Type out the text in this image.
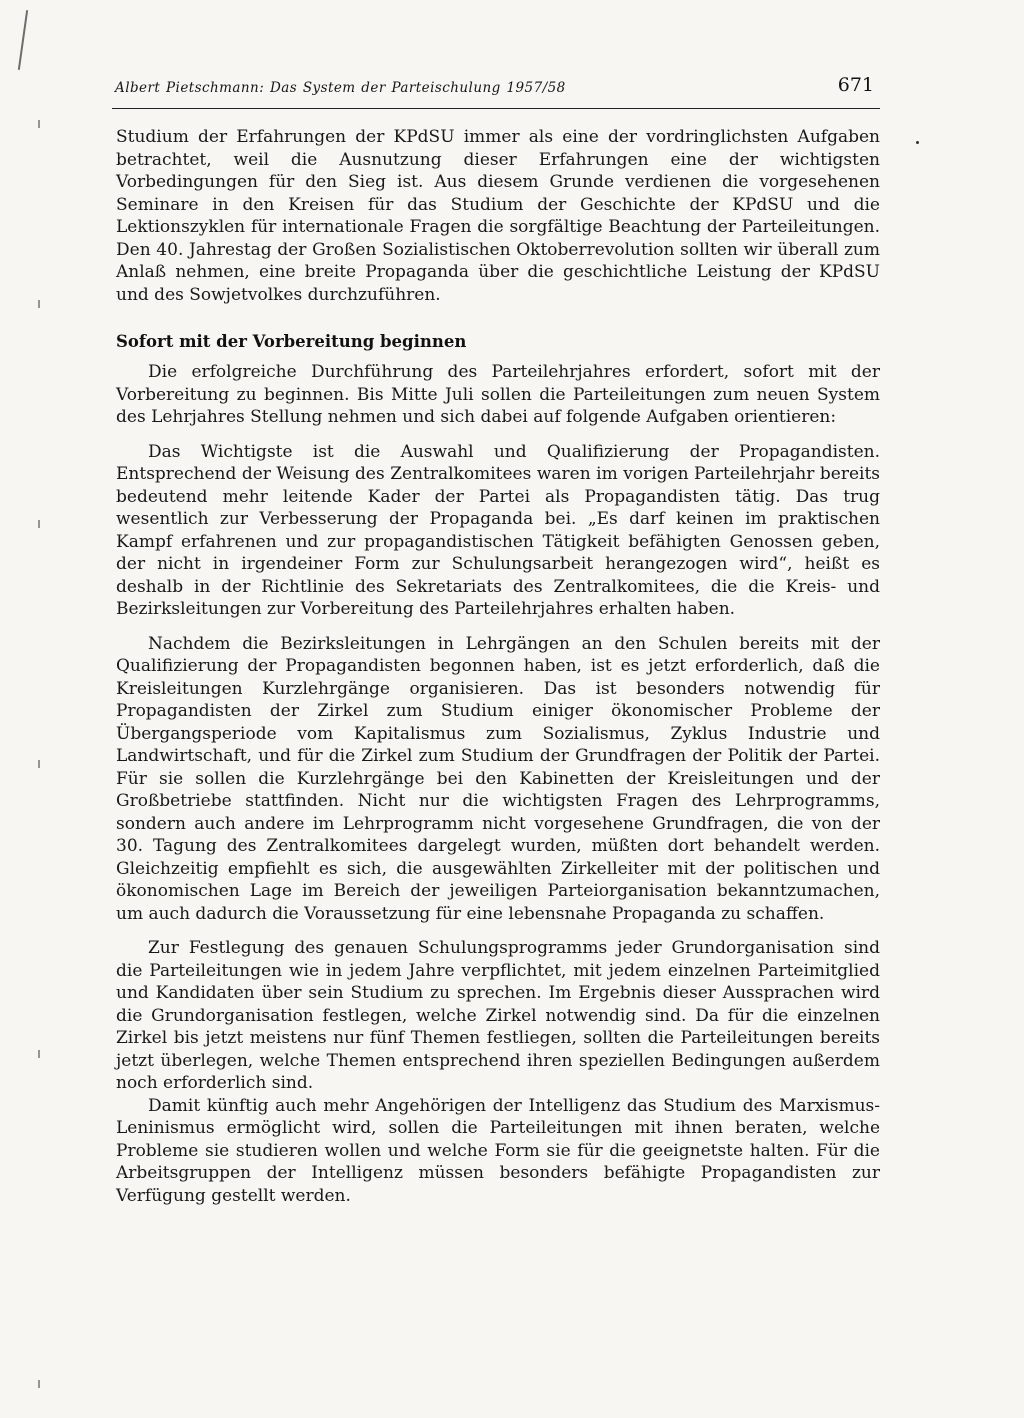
Albert Pietschmann: Das System der Parteischulung 1957/58	671

Studium der Erfahrungen der KPdSU immer als eine der vordringlichsten Aufgaben betrachtet, weil die Ausnutzung dieser Erfahrungen eine der wichtigsten Vorbedingungen für den Sieg ist. Aus diesem Grunde verdienen die vorgesehenen Seminare in den Kreisen für das Studium der Geschichte der KPdSU und die Lektionszyklen für internationale Fragen die sorgfältige Beachtung der Parteileitungen. Den 40. Jahrestag der Großen Sozialistischen Oktoberrevolution sollten wir überall zum Anlaß nehmen, eine breite Propaganda über die geschichtliche Leistung der KPdSU und des Sowjetvolkes durchzuführen.

Sofort mit der Vorbereitung beginnen

Die erfolgreiche Durchführung des Parteilehrjahres erfordert, sofort mit der Vorbereitung zu beginnen. Bis Mitte Juli sollen die Parteileitungen zum neuen System des Lehrjahres Stellung nehmen und sich dabei auf folgende Aufgaben orientieren:

Das Wichtigste ist die Auswahl und Qualifizierung der Propagandisten. Entsprechend der Weisung des Zentralkomitees waren im vorigen Parteilehrjahr bereits bedeutend mehr leitende Kader der Partei als Propagandisten tätig. Das trug wesentlich zur Verbesserung der Propaganda bei. „Es darf keinen im praktischen Kampf erfahrenen und zur propagandistischen Tätigkeit befähigten Genossen geben, der nicht in irgendeiner Form zur Schulungsarbeit herangezogen wird“, heißt es deshalb in der Richtlinie des Sekretariats des Zentralkomitees, die die Kreis- und Bezirksleitungen zur Vorbereitung des Parteilehrjahres erhalten haben.

Nachdem die Bezirksleitungen in Lehrgängen an den Schulen bereits mit der Qualifizierung der Propagandisten begonnen haben, ist es jetzt erforderlich, daß die Kreisleitungen Kurzlehrgänge organisieren. Das ist besonders notwendig für Propagandisten der Zirkel zum Studium einiger ökonomischer Probleme der Übergangsperiode vom Kapitalismus zum Sozialismus, Zyklus Industrie und Landwirtschaft, und für die Zirkel zum Studium der Grundfragen der Politik der Partei. Für sie sollen die Kurzlehrgänge bei den Kabinetten der Kreisleitungen und der Großbetriebe stattfinden. Nicht nur die wichtigsten Fragen des Lehrprogramms, sondern auch andere im Lehrprogramm nicht vorgesehene Grundfragen, die von der 30. Tagung des Zentralkomitees dargelegt wurden, müßten dort behandelt werden. Gleichzeitig empfiehlt es sich, die ausgewählten Zirkelleiter mit der politischen und ökonomischen Lage im Bereich der jeweiligen Parteiorganisation bekanntzumachen, um auch dadurch die Voraussetzung für eine lebensnahe Propaganda zu schaffen.

Zur Festlegung des genauen Schulungsprogramms jeder Grundorganisation sind die Parteileitungen wie in jedem Jahre verpflichtet, mit jedem einzelnen Parteimitglied und Kandidaten über sein Studium zu sprechen. Im Ergebnis dieser Aussprachen wird die Grundorganisation festlegen, welche Zirkel notwendig sind. Da für die einzelnen Zirkel bis jetzt meistens nur fünf Themen festliegen, sollten die Parteileitungen bereits jetzt überlegen, welche Themen entsprechend ihren speziellen Bedingungen außerdem noch erforderlich sind.

Damit künftig auch mehr Angehörigen der Intelligenz das Studium des Marxismus-Leninismus ermöglicht wird, sollen die Parteileitungen mit ihnen beraten, welche Probleme sie studieren wollen und welche Form sie für die geeignetste halten. Für die Arbeitsgruppen der Intelligenz müssen besonders befähigte Propagandisten zur Verfügung gestellt werden.
